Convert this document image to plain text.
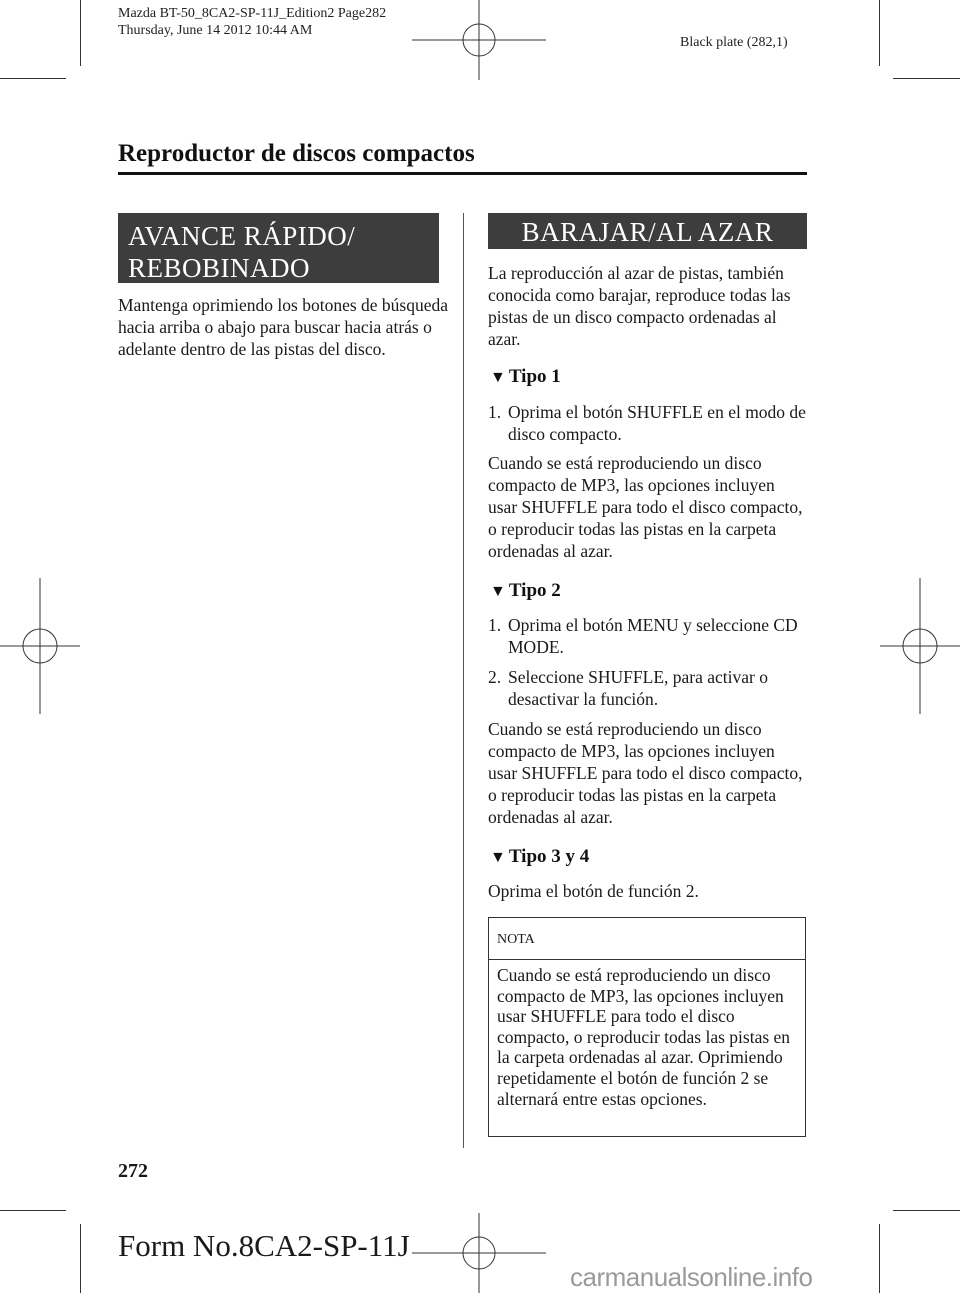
Mazda BT-50_8CA2-SP-11J_Edition2 Page282
Thursday, June 14 2012 10:44 AM
Black plate (282,1)
Reproductor de discos compactos
AVANCE RÁPIDO/
REBOBINADO

Mantenga oprimiendo los botones de búsqueda hacia arriba o abajo para buscar hacia atrás o adelante dentro de las pistas del disco.

BARAJAR/AL AZAR

La reproducción al azar de pistas, también conocida como barajar, reproduce todas las pistas de un disco compacto ordenadas al azar.

▼ Tipo 1
1. Oprima el botón SHUFFLE en el modo de disco compacto.

Cuando se está reproduciendo un disco compacto de MP3, las opciones incluyen usar SHUFFLE para todo el disco compacto, o reproducir todas las pistas en la carpeta ordenadas al azar.

▼ Tipo 2
1. Oprima el botón MENU y seleccione CD MODE.
2. Seleccione SHUFFLE, para activar o desactivar la función.

Cuando se está reproduciendo un disco compacto de MP3, las opciones incluyen usar SHUFFLE para todo el disco compacto, o reproducir todas las pistas en la carpeta ordenadas al azar.

▼ Tipo 3 y 4

Oprima el botón de función 2.

NOTA
Cuando se está reproduciendo un disco compacto de MP3, las opciones incluyen usar SHUFFLE para todo el disco compacto, o reproducir todas las pistas en la carpeta ordenadas al azar. Oprimiendo repetidamente el botón de función 2 se alternará entre estas opciones.
272
Form No.8CA2-SP-11J
carmanualsonline.info
